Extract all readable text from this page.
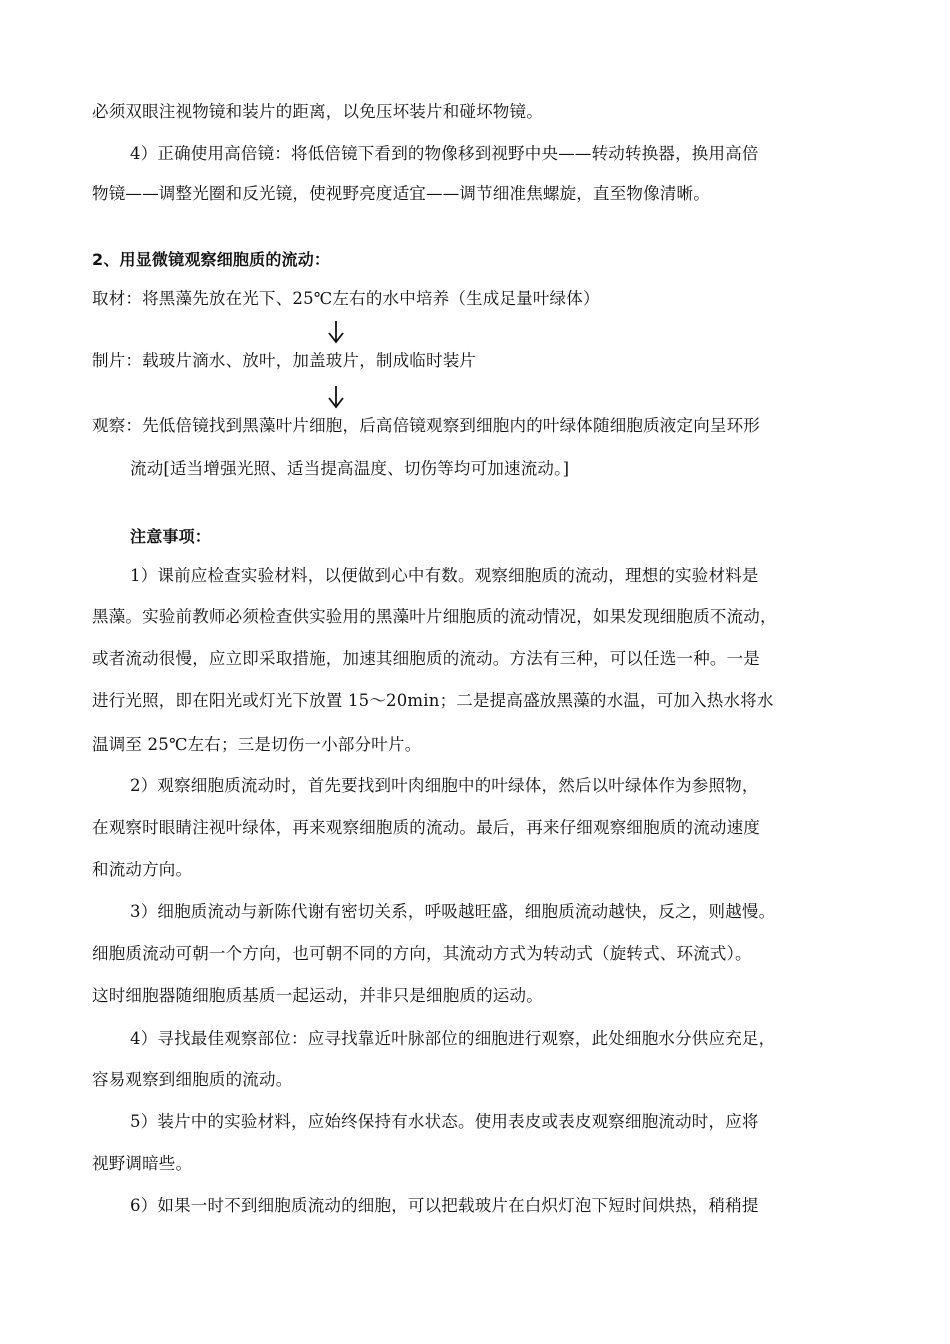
必须双眼注视物镜和装片的距离，以免压坏装片和碰坏物镜。
4）正确使用高倍镜：将低倍镜下看到的物像移到视野中央——转动转换器，换用高倍
物镜——调整光圈和反光镜，使视野亮度适宜——调节细准焦螺旋，直至物像清晰。
2、用显微镜观察细胞质的流动：
取材：将黑藻先放在光下、25℃左右的水中培养（生成足量叶绿体）
制片：载玻片滴水、放叶，加盖玻片，制成临时装片
观察：先低倍镜找到黑藻叶片细胞，后高倍镜观察到细胞内的叶绿体随细胞质液定向呈环形
流动[适当增强光照、适当提高温度、切伤等均可加速流动。]
注意事项：
1）课前应检查实验材料，以便做到心中有数。观察细胞质的流动，理想的实验材料是
黑藻。实验前教师必须检查供实验用的黑藻叶片细胞质的流动情况，如果发现细胞质不流动，
或者流动很慢，应立即采取措施，加速其细胞质的流动。方法有三种，可以任选一种。一是
进行光照，即在阳光或灯光下放置 15～20min；二是提高盛放黑藻的水温，可加入热水将水
温调至 25℃左右；三是切伤一小部分叶片。
2）观察细胞质流动时，首先要找到叶肉细胞中的叶绿体，然后以叶绿体作为参照物，
在观察时眼睛注视叶绿体，再来观察细胞质的流动。最后，再来仔细观察细胞质的流动速度
和流动方向。
3）细胞质流动与新陈代谢有密切关系，呼吸越旺盛，细胞质流动越快，反之，则越慢。
细胞质流动可朝一个方向，也可朝不同的方向，其流动方式为转动式（旋转式、环流式）。
这时细胞器随细胞质基质一起运动，并非只是细胞质的运动。
4）寻找最佳观察部位：应寻找靠近叶脉部位的细胞进行观察，此处细胞水分供应充足，
容易观察到细胞质的流动。
5）装片中的实验材料，应始终保持有水状态。使用表皮或表皮观察细胞流动时，应将
视野调暗些。
6）如果一时不到细胞质流动的细胞，可以把载玻片在白炽灯泡下短时间烘热，稍稍提
